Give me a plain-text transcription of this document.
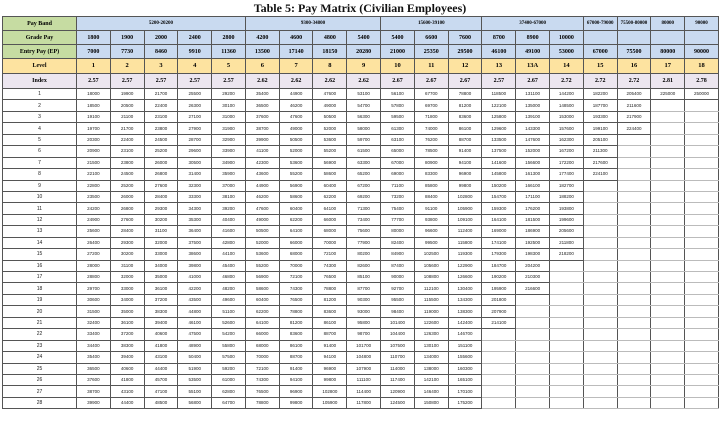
Table 5: Pay Matrix (Civilian Employees)
Pay Band	5200-20200					9300-34800				15600-39100			37400-67000			67000-79000	75500-80000	80000	90000
Grade Pay	1800	1900	2000	2400	2800	4200	4600	4800	5400	5400	6600	7600	8700	8900	10000				
Entry Pay (EP)	7000	7730	8460	9910	11360	13500	17140	18150	20280	21000	25350	29500	46100	49100	53000	67000	75500	80000	90000
Level	1	2	3	4	5	6	7	8	9	10	11	12	13	13A	14	15	16	17	18
Index	2.57	2.57	2.57	2.57	2.57	2.62	2.62	2.62	2.62	2.67	2.67	2.67	2.57	2.67	2.72	2.72	2.72	2.81	2.78
1	18000	19900	21700	25500	29200	35400	44900	47600	53100	56100	67700	78800	118500	131100	144200	182200	205400	225000	250000
2	18500	20500	22400	26300	30100	36500	46200	49000	54700	57800	69700	81200	122100	135000	148500	187700	211600		
3	19100	21100	23100	27100	31000	37600	47600	50500	56300	59500	71800	83600	125800	139100	153000	193300	217900		
4	19700	21700	23800	27900	31900	38700	49000	52000	58000	61300	74000	86100	129600	143300	157600	199100	224400		
5	20300	22400	24500	28700	32900	39900	50500	53600	59700	63100	76200	88700	133500	147600	162300	205100			
6	20900	23100	25200	29600	33900	41100	52000	55200	61500	65000	78500	91400	137500	152000	167200	211300			
7	21500	23800	26000	30500	34900	42300	53600	56900	63300	67000	80900	94100	141600	156600	172200	217600			
8	22100	24500	26800	31400	35900	43600	55200	58600	65200	69000	83300	96900	145800	161300	177400	224100			
9	22800	25200	27600	32300	37000	44900	56900	60400	67200	71100	85800	99800	150200	166100	182700				
10	23500	26000	28400	33300	38100	46200	58600	62200	69200	73200	88400	102800	154700	171100	188200				
11	24200	26800	29300	34300	39200	47600	60400	64100	71300	75400	91100	105900	159300	176200	193800				
12	24900	27600	30200	35300	40400	49000	62200	66000	73400	77700	93800	109100	164100	181500	199600				
13	25600	28400	31100	36400	41600	50500	64100	68000	75600	80000	96600	112400	169000	186900	205600				
14	26400	29300	32000	37500	42800	52000	66000	70000	77900	82400	99500	115800	174100	192500	211800				
15	27200	30200	33000	38600	44100	53600	68000	72100	80200	84900	102500	119300	179300	198300	218200				
16	28000	31100	34000	39800	45400	55200	70000	74300	82600	87400	105600	122900	184700	204200					
17	28800	32000	35000	41000	46800	56900	72100	76500	85100	90000	108800	126600	190200	210300					
18	29700	33000	36100	42200	48200	58600	74300	78800	87700	92700	112100	130400	195900	216600					
19	30600	34000	37200	43500	49600	60400	76500	81200	90300	95500	115500	134300	201800						
20	31500	35000	38300	44800	51100	62200	78800	83600	93000	98400	119000	138300	207900						
21	32400	36100	39400	46100	52600	64100	81200	86100	95800	101400	122600	142400	214100						
22	33400	37200	40600	47500	54200	66000	83600	88700	98700	104400	126300	146700							
23	34400	38300	41800	48900	55800	68000	86100	91400	101700	107500	130100	151100							
24	35400	39400	43100	50400	57500	70000	88700	94100	104800	110700	134000	155600							
25	36500	40600	44400	51900	59200	72100	91400	96900	107900	114000	138000	160300							
26	37600	41800	45700	53500	61000	74300	94100	99800	111100	117400	142100	165100							
27	38700	43100	47100	55100	62800	76500	96900	102800	114400	120900	146400	170100							
28	39900	44400	48500	56800	64700	78800	99800	105900	117800	124500	150800	175200							
